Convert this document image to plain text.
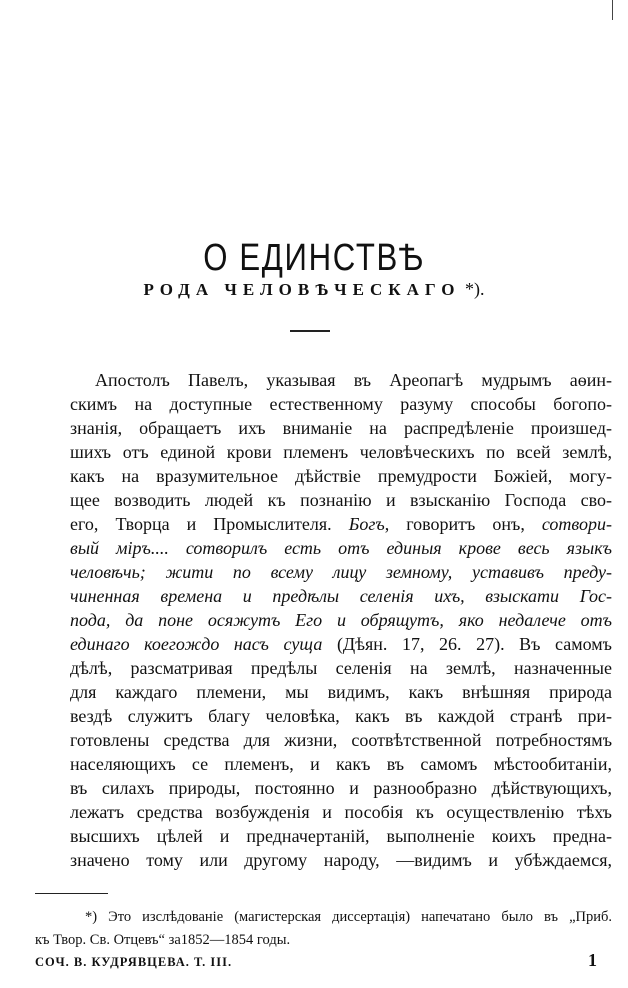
О ЕДИНСТВѢ
РОДА ЧЕЛОВѢЧЕСКАГО *).
Апостолъ Павелъ, указывая въ Ареопагѣ мудрымъ аѳин-
скимъ на доступные естественному разуму способы богопо-
знанія, обращаетъ ихъ вниманіе на распредѣленіе произшед-
шихъ отъ единой крови племенъ человѣческихъ по всей землѣ,
какъ на вразумительное дѣйствіе премудрости Божіей, могу-
щее возводить людей къ познанію и взысканію Господа сво-
его, Творца и Промыслителя. Богъ, говоритъ онъ, сотвори-
вый міръ.... сотворилъ есть отъ единыя крове весь языкъ
человѣчь; жити по всему лицу земному, уставивъ преду-
чиненная времена и предѣлы селенія ихъ, взыскати Гос-
пода, да поне осяжутъ Его и обрящутъ, яко недалече отъ
единаго коегождо насъ суща (Дѣян. 17, 26. 27). Въ самомъ
дѣлѣ, разсматривая предѣлы селенія на землѣ, назначенные
для каждаго племени, мы видимъ, какъ внѣшняя природа
вездѣ служитъ благу человѣка, какъ въ каждой странѣ при-
готовлены средства для жизни, соотвѣтственной потребностямъ
населяющихъ се племенъ, и какъ въ самомъ мѣстообитаніи,
въ силахъ природы, постоянно и разнообразно дѣйствующихъ,
лежатъ средства возбужденія и пособія къ осуществленію тѣхъ
высшихъ цѣлей и предначертаній, выполненіе коихъ предна-
значено тому или другому народу, —видимъ и убѣждаемся,
*) Это изслѣдованіе (магистерская диссертація) напечатано было въ „Приб.
къ Твор. Св. Отцевъ“ за1852—1854 годы.
СОЧ. В. КУДРЯВЦЕВА. Т. III.	1
